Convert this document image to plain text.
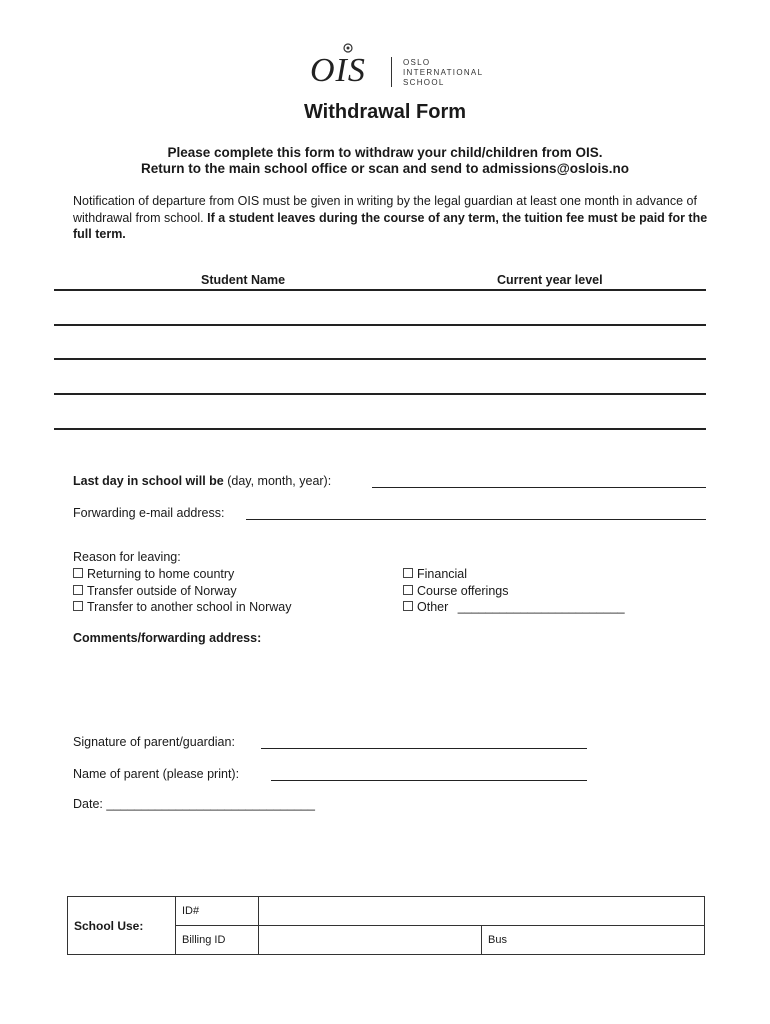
OIS	OSLO
INTERNATIONAL
SCHOOL
Withdrawal Form
Please complete this form to withdraw your child/children from OIS.
Return to the main school office or scan and send to admissions@oslois.no
Notification of departure from OIS must be given in writing by the legal guardian at least one month in advance of withdrawal from school. If a student leaves during the course of any term, the tuition fee must be paid for the full term.
Student Name	Current year level
Last day in school will be (day, month, year):
Forwarding e-mail address:
Reason for leaving:
Returning to home country
Transfer outside of Norway
Transfer to another school in Norway
Financial
Course offerings
Other ________________________
Comments/forwarding address:
Signature of parent/guardian:
Name of parent (please print):
Date: ______________________________
School Use:	ID#		
	Billing ID		Bus
